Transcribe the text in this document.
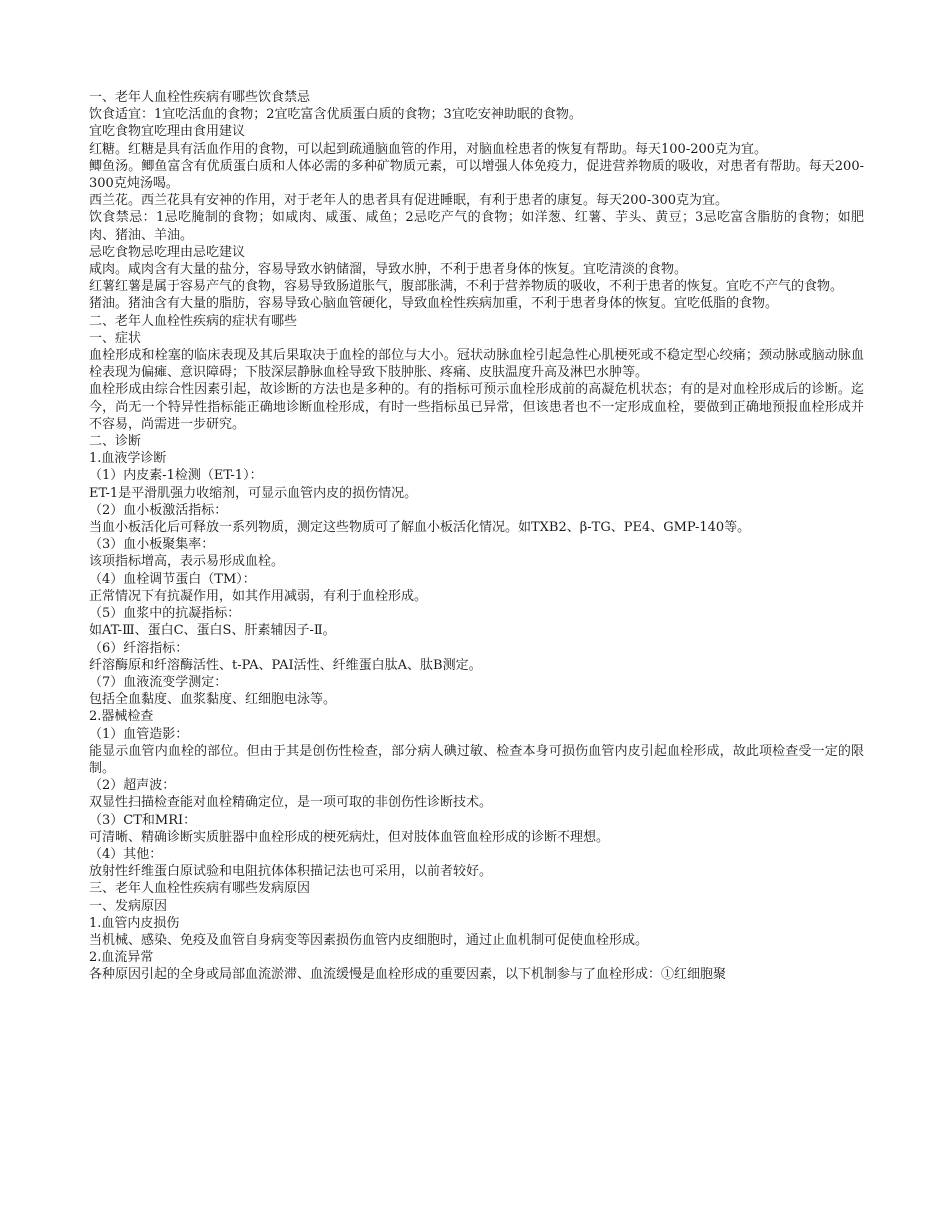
一、老年人血栓性疾病有哪些饮食禁忌

饮食适宜：1宜吃活血的食物；2宜吃富含优质蛋白质的食物；3宜吃安神助眠的食物。

宜吃食物宜吃理由食用建议

红糖。红糖是具有活血作用的食物，可以起到疏通脑血管的作用，对脑血栓患者的恢复有帮助。每天100-200克为宜。

鲫鱼汤。鲫鱼富含有优质蛋白质和人体必需的多种矿物质元素，可以增强人体免疫力，促进营养物质的吸收，对患者有帮助。每天200-300克炖汤喝。

西兰花。西兰花具有安神的作用，对于老年人的患者具有促进睡眠，有利于患者的康复。每天200-300克为宜。

饮食禁忌：1忌吃腌制的食物；如咸肉、咸蛋、咸鱼；2忌吃产气的食物；如洋葱、红薯、芋头、黄豆；3忌吃富含脂肪的食物；如肥肉、猪油、羊油。

忌吃食物忌吃理由忌吃建议

咸肉。咸肉含有大量的盐分，容易导致水钠储溜，导致水肿，不利于患者身体的恢复。宜吃清淡的食物。

红薯红薯是属于容易产气的食物，容易导致肠道胀气，腹部胀满，不利于营养物质的吸收，不利于患者的恢复。宜吃不产气的食物。

猪油。猪油含有大量的脂肪，容易导致心脑血管硬化，导致血栓性疾病加重，不利于患者身体的恢复。宜吃低脂的食物。

二、老年人血栓性疾病的症状有哪些

一、症状

血栓形成和栓塞的临床表现及其后果取决于血栓的部位与大小。冠状动脉血栓引起急性心肌梗死或不稳定型心绞痛；颈动脉或脑动脉血栓表现为偏瘫、意识障碍；下肢深层静脉血栓导致下肢肿胀、疼痛、皮肤温度升高及淋巴水肿等。

血栓形成由综合性因素引起，故诊断的方法也是多种的。有的指标可预示血栓形成前的高凝危机状态；有的是对血栓形成后的诊断。迄今，尚无一个特异性指标能正确地诊断血栓形成，有时一些指标虽已异常，但该患者也不一定形成血栓，要做到正确地预报血栓形成并不容易，尚需进一步研究。

二、诊断

1.血液学诊断

（1）内皮素-1检测（ET-1）：

ET-1是平滑肌强力收缩剂，可显示血管内皮的损伤情况。

（2）血小板激活指标：

当血小板活化后可释放一系列物质，测定这些物质可了解血小板活化情况。如TXB2、β-TG、PE4、GMP-140等。

（3）血小板聚集率：

该项指标增高，表示易形成血栓。

（4）血栓调节蛋白（TM）：

正常情况下有抗凝作用，如其作用减弱，有利于血栓形成。

（5）血浆中的抗凝指标：

如AT-Ⅲ、蛋白C、蛋白S、肝素辅因子-Ⅱ。

（6）纤溶指标：

纤溶酶原和纤溶酶活性、t-PA、PAI活性、纤维蛋白肽A、肽B测定。

（7）血液流变学测定：

包括全血黏度、血浆黏度、红细胞电泳等。

2.器械检查

（1）血管造影：

能显示血管内血栓的部位。但由于其是创伤性检查，部分病人碘过敏、检查本身可损伤血管内皮引起血栓形成，故此项检查受一定的限制。

（2）超声波：

双显性扫描检查能对血栓精确定位，是一项可取的非创伤性诊断技术。

（3）CT和MRI：

可清晰、精确诊断实质脏器中血栓形成的梗死病灶，但对肢体血管血栓形成的诊断不理想。

（4）其他：

放射性纤维蛋白原试验和电阻抗体体积描记法也可采用，以前者较好。

三、老年人血栓性疾病有哪些发病原因

一、发病原因

1.血管内皮损伤

当机械、感染、免疫及血管自身病变等因素损伤血管内皮细胞时，通过止血机制可促使血栓形成。

2.血流异常

各种原因引起的全身或局部血流淤滞、血流缓慢是血栓形成的重要因素，以下机制参与了血栓形成：①红细胞聚
